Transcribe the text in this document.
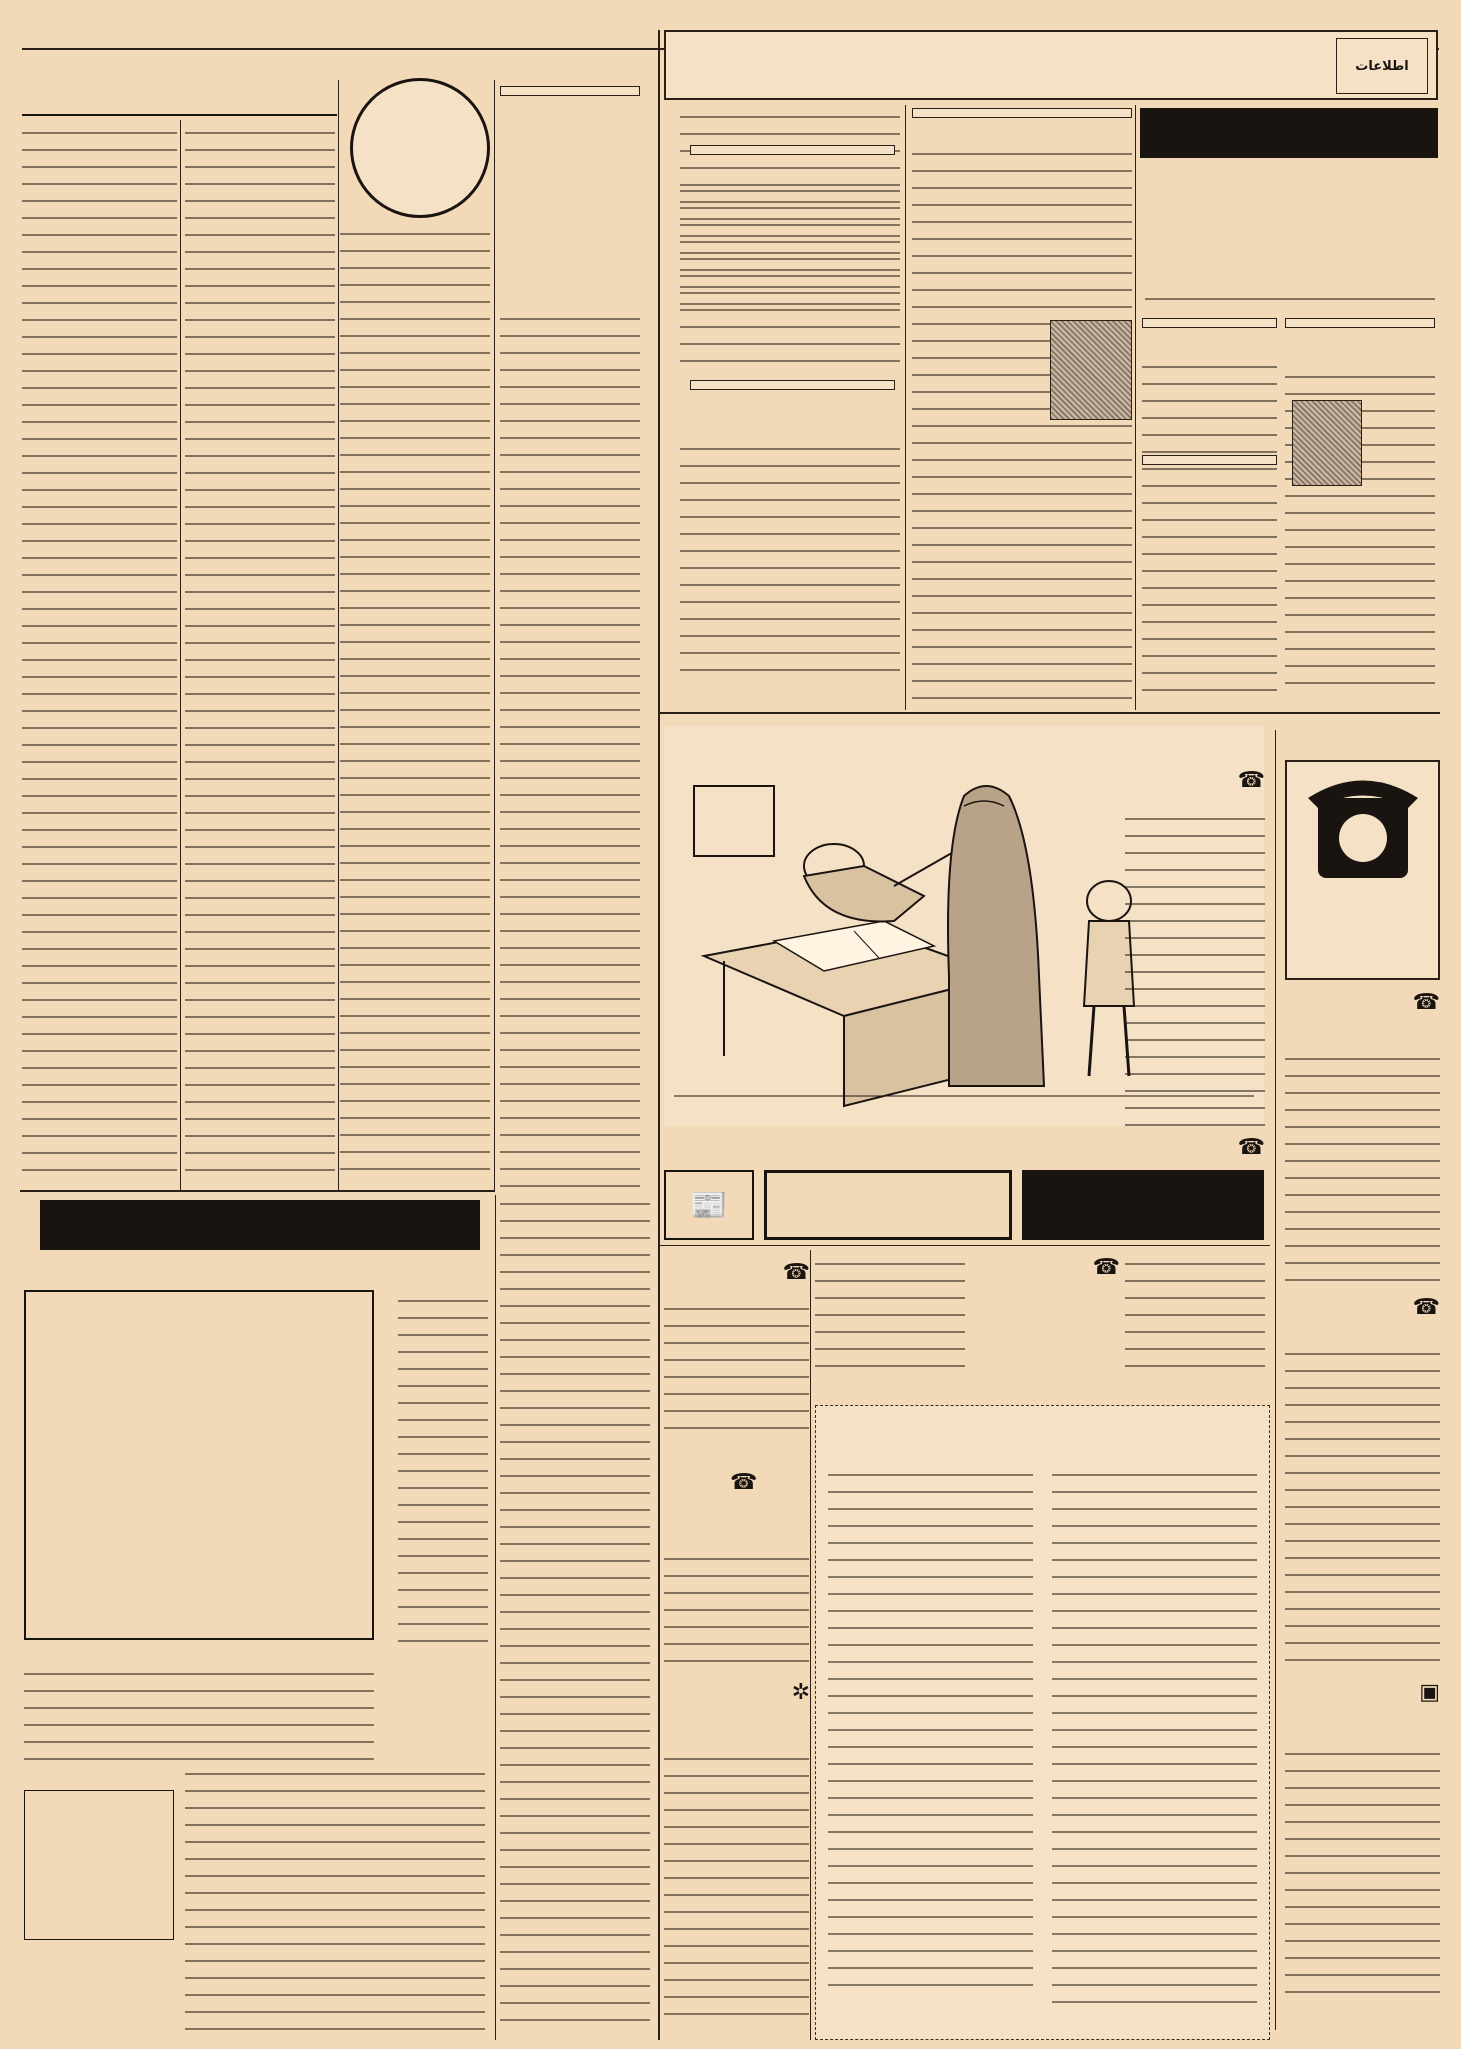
اطلاعات
☎
☎
▣
☎
📰
☎
☎
☎
☎
✲
